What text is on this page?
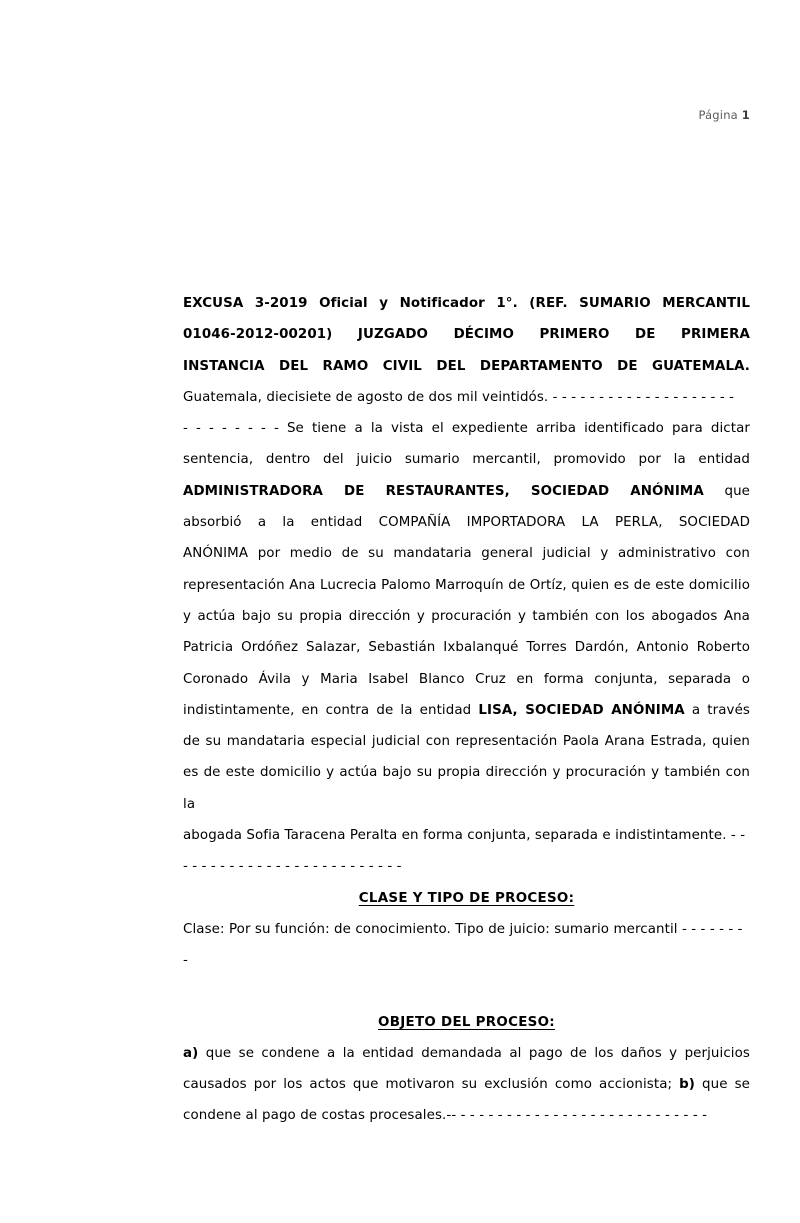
Página 1
EXCUSA 3-2019 Oficial y Notificador 1°. (REF. SUMARIO MERCANTIL
01046-2012-00201) JUZGADO DÉCIMO PRIMERO DE PRIMERA
INSTANCIA DEL RAMO CIVIL DEL DEPARTAMENTO DE GUATEMALA.
Guatemala, diecisiete de agosto de dos mil veintidós. - - - - - - - - - - - - - - - - - - - -
- - - - - - - - Se tiene a la vista el expediente arriba identificado para dictar
sentencia, dentro del juicio sumario mercantil, promovido por la entidad
ADMINISTRADORA DE RESTAURANTES, SOCIEDAD ANÓNIMA que
absorbió a la entidad COMPAÑÍA IMPORTADORA LA PERLA, SOCIEDAD
ANÓNIMA por medio de su mandataria general judicial y administrativo con
representación Ana Lucrecia Palomo Marroquín de Ortíz, quien es de este domicilio
y actúa bajo su propia dirección y procuración y también con los abogados Ana
Patricia Ordóñez Salazar, Sebastián Ixbalanqué Torres Dardón, Antonio Roberto
Coronado Ávila y Maria Isabel Blanco Cruz en forma conjunta, separada o
indistintamente, en contra de la entidad LISA, SOCIEDAD ANÓNIMA a través
de su mandataria especial judicial con representación Paola Arana Estrada, quien
es de este domicilio y actúa bajo su propia dirección y procuración y también con la
abogada Sofia Taracena Peralta en forma conjunta, separada e indistintamente. - -
- - - - - - - - - - - - - - - - - - - - - - - -
CLASE Y TIPO DE PROCESO:
Clase: Por su función: de conocimiento. Tipo de juicio: sumario mercantil - - - - - - - -
OBJETO DEL PROCESO:
a) que se condene a la entidad demandada al pago de los daños y perjuicios
causados por los actos que motivaron su exclusión como accionista; b) que se
condene al pago de costas procesales.-- - - - - - - - - - - - - - - - - - - - - - - - - - - -
